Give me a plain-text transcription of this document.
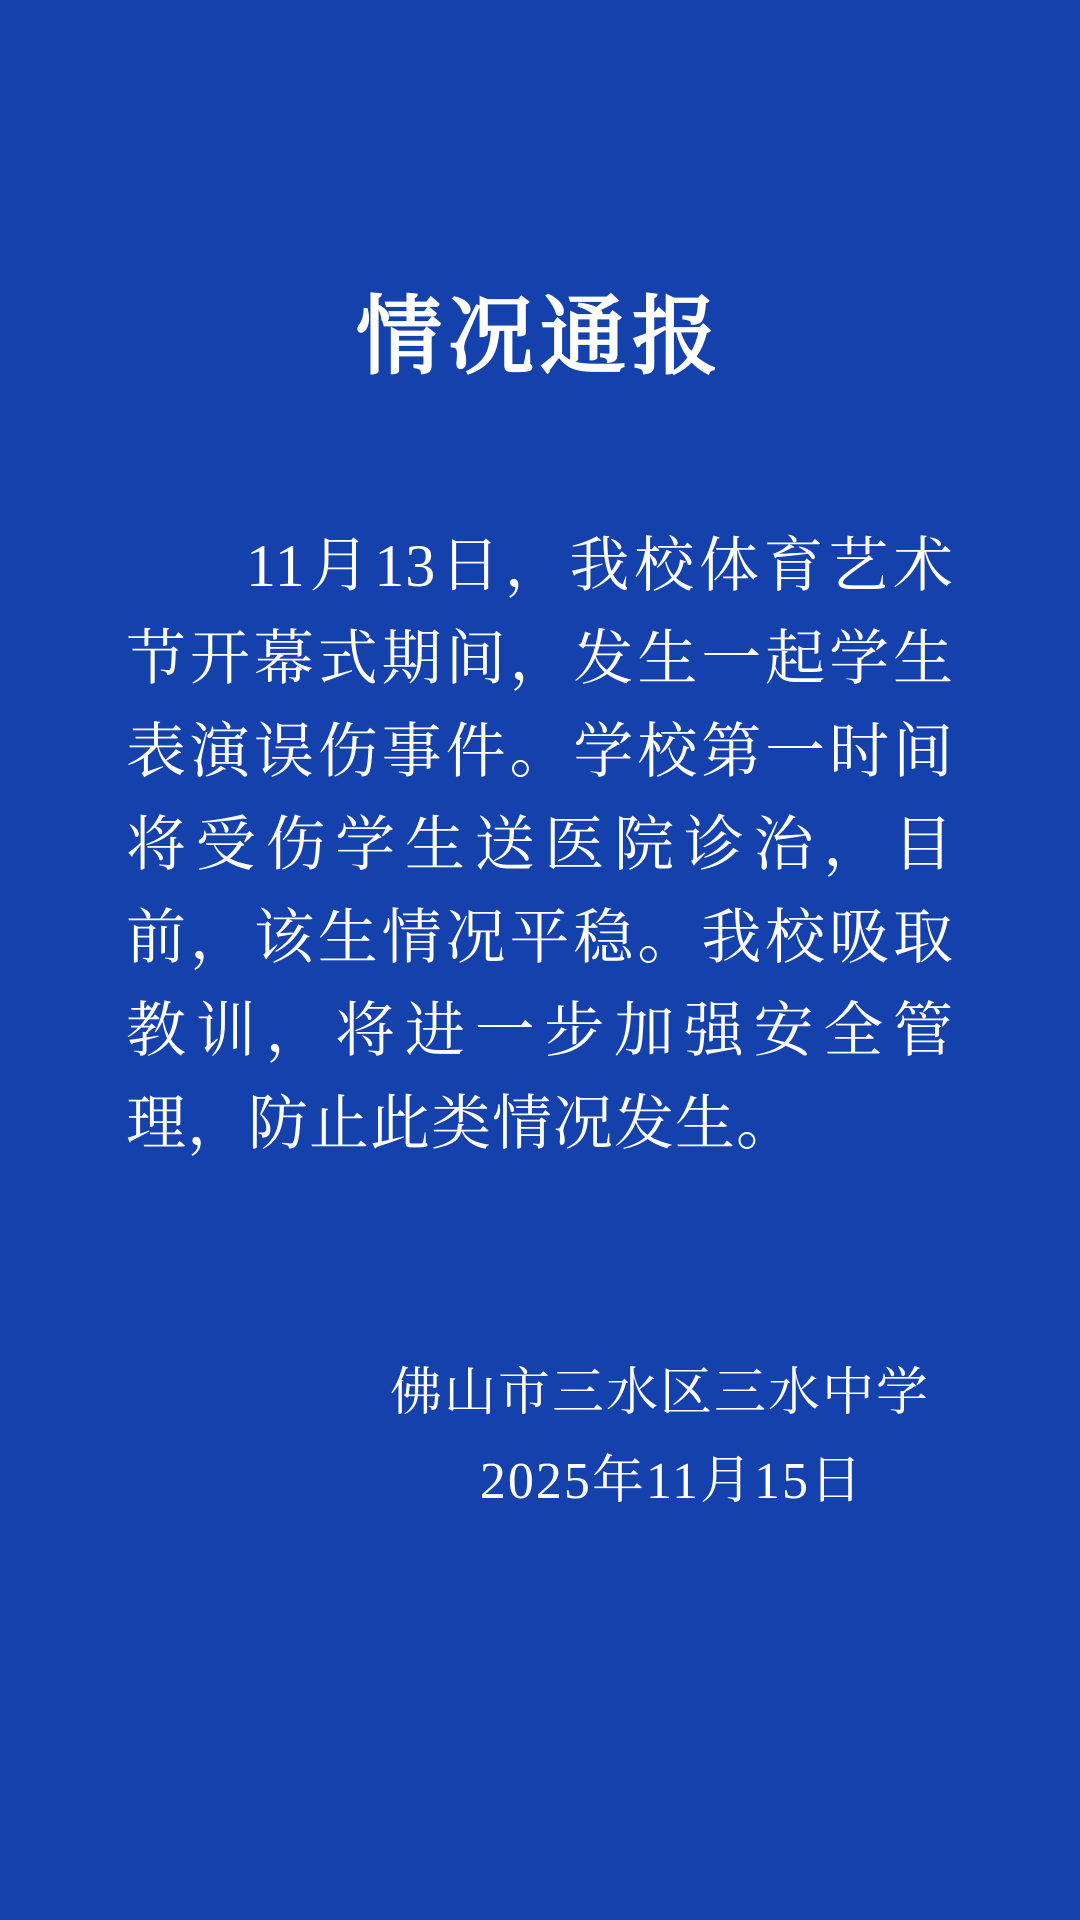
情况通报
11月13日，我校体育艺术节开幕式期间，发生一起学生表演误伤事件。学校第一时间将受伤学生送医院诊治，目前，该生情况平稳。我校吸取教训，将进一步加强安全管理，防止此类情况发生。
佛山市三水区三水中学
2025年11月15日
